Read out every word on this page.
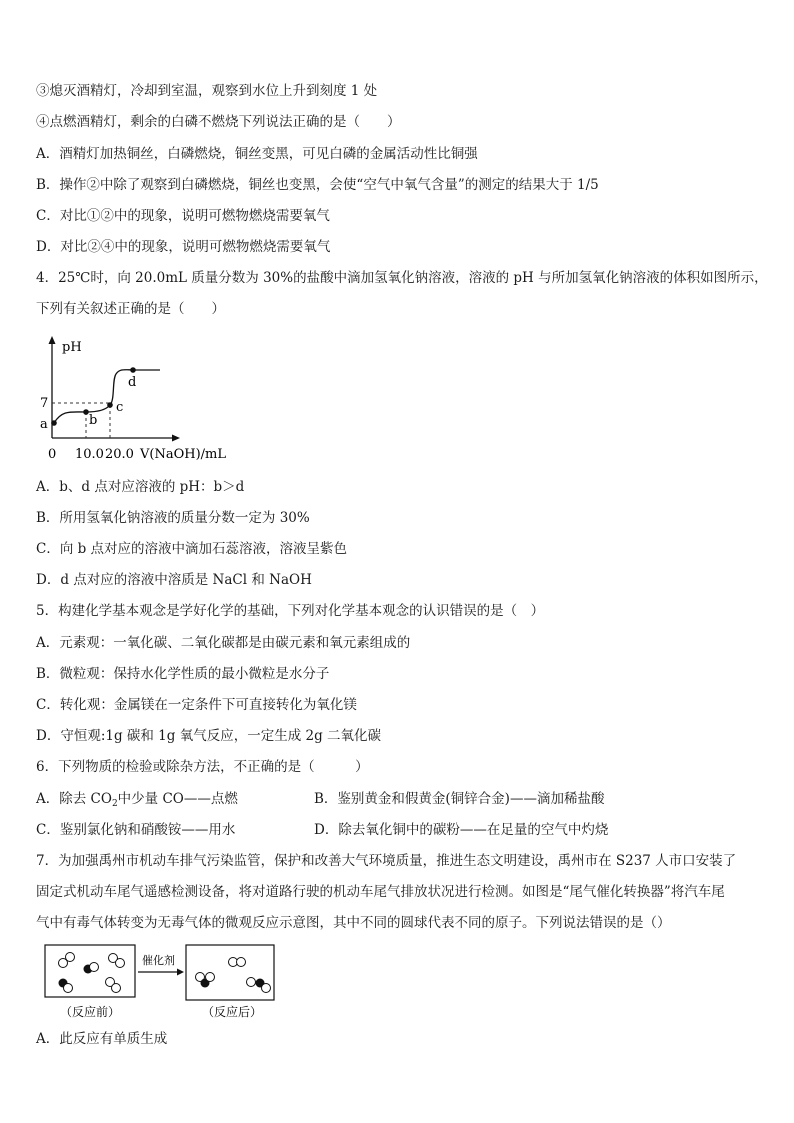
③熄灭酒精灯，冷却到室温，观察到水位上升到刻度 1 处
④点燃酒精灯，剩余的白磷不燃烧下列说法正确的是（　　）
A．酒精灯加热铜丝，白磷燃烧，铜丝变黑，可见白磷的金属活动性比铜强
B．操作②中除了观察到白磷燃烧，铜丝也变黑，会使“空气中氧气含量”的测定的结果大于 1/5
C．对比①②中的现象，说明可燃物燃烧需要氧气
D．对比②④中的现象，说明可燃物燃烧需要氧气
4．25℃时，向 20.0mL 质量分数为 30%的盐酸中滴加氢氧化钠溶液，溶液的 pH 与所加氢氧化钠溶液的体积如图所示，
下列有关叙述正确的是（　　）
pH
7
a	b
c
d
0 10.0 20.0 V(NaOH)/mL
A．b、d 点对应溶液的 pH：b＞d
B．所用氢氧化钠溶液的质量分数一定为 30%
C．向 b 点对应的溶液中滴加石蕊溶液，溶液呈紫色
D．d 点对应的溶液中溶质是 NaCl 和 NaOH
5．构建化学基本观念是学好化学的基础，下列对化学基本观念的认识错误的是（　）
A．元素观：一氧化碳、二氧化碳都是由碳元素和氧元素组成的
B．微粒观：保持水化学性质的最小微粒是水分子
C．转化观：金属镁在一定条件下可直接转化为氧化镁
D．守恒观:1g 碳和 1g 氧气反应，一定生成 2g 二氧化碳
6．下列物质的检验或除杂方法，不正确的是（　　　）
A．除去 $CO_2$中少量 CO——点燃	B．鉴别黄金和假黄金(铜锌合金)——滴加稀盐酸
C．鉴别氯化钠和硝酸铵——用水	D．除去氧化铜中的碳粉——在足量的空气中灼烧
7．为加强禹州市机动车排气污染监管，保护和改善大气环境质量，推进生态文明建设，禹州市在 S237 人市口安装了
固定式机动车尾气遥感检测设备，将对道路行驶的机动车尾气排放状况进行检测。如图是“尾气催化转换器”将汽车尾
气中有毒气体转变为无毒气体的微观反应示意图，其中不同的圆球代表不同的原子。下列说法错误的是（）
催化剂
（反应前）	（反应后）
A．此反应有单质生成
